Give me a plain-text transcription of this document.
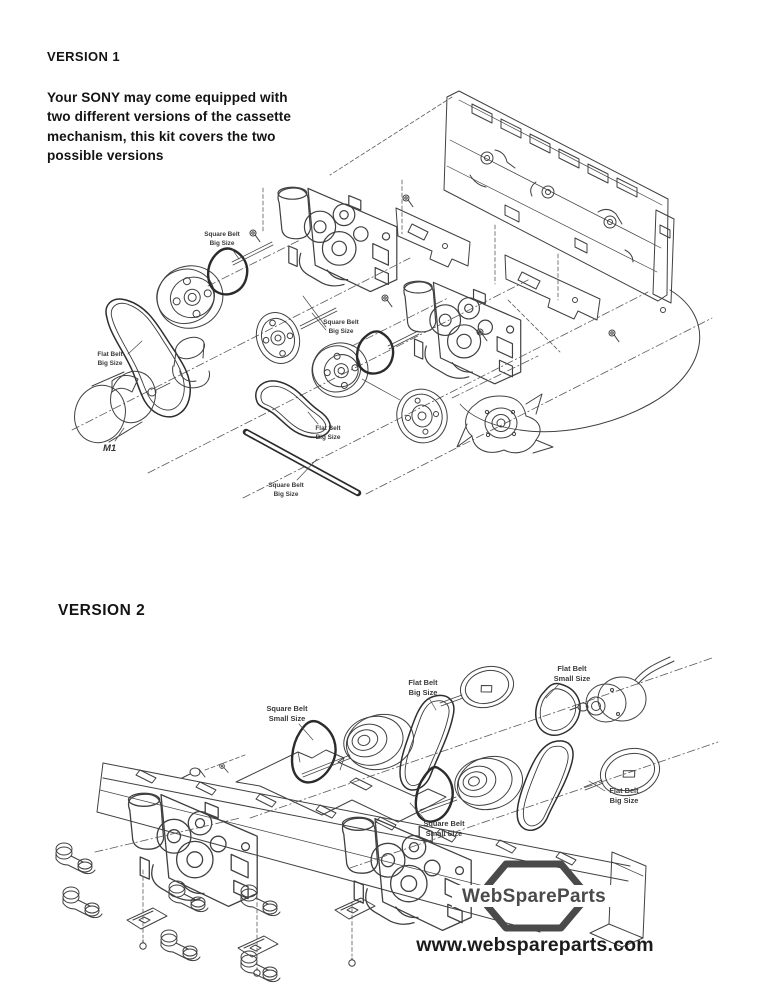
VERSION 1
Your SONY may come equipped with
two different versions of the cassette
mechanism, this kit covers the two
possible versions
VERSION 2
Square Belt
Big Size
Flat Belt
Big Size
M1
Square Belt
Big Size
Flat Belt
Big Size
Square Belt
Big Size
Square Belt
Small Size
Flat Belt
Big Size
Flat Belt
Small Size
Square Belt
Small Size
Flat Belt
Big Size
WebSpareParts
www.webspareparts.com
